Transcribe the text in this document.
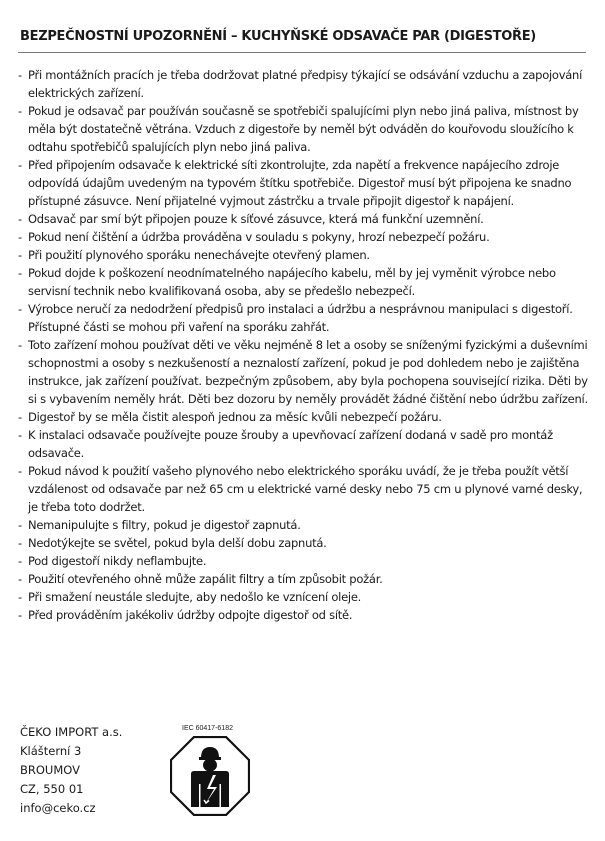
BEZPEČNOSTNÍ UPOZORNĚNÍ – KUCHYŇSKÉ ODSAVAČE PAR (DIGESTOŘE)
- Při montážních pracích je třeba dodržovat platné předpisy týkající se odsávání vzduchu a zapojování elektrických zařízení.
- Pokud je odsavač par používán současně se spotřebiči spalujícími plyn nebo jiná paliva, místnost by měla být dostatečně větrána. Vzduch z digestoře by neměl být odváděn do kouřovodu sloužícího k odtahu spotřebičů spalujících plyn nebo jiná paliva.
- Před připojením odsavače k elektrické síti zkontrolujte, zda napětí a frekvence napájecího zdroje odpovídá údajům uvedeným na typovém štítku spotřebiče. Digestoř musí být připojena ke snadno přístupné zásuvce. Není přijatelné vyjmout zástrčku a trvale připojit digestoř k napájení.
- Odsavač par smí být připojen pouze k síťové zásuvce, která má funkční uzemnění.
- Pokud není čištění a údržba prováděna v souladu s pokyny, hrozí nebezpečí požáru.
- Při použití plynového sporáku nenechávejte otevřený plamen.
- Pokud dojde k poškození neodnímatelného napájecího kabelu, měl by jej vyměnit výrobce nebo servisní technik nebo kvalifikovaná osoba, aby se předešlo nebezpečí.
- Výrobce neručí za nedodržení předpisů pro instalaci a údržbu a nesprávnou manipulaci s digestoří. Přístupné části se mohou při vaření na sporáku zahřát.
- Toto zařízení mohou používat děti ve věku nejméně 8 let a osoby se sníženými fyzickými a duševními schopnostmi a osoby s nezkušeností a neznalostí zařízení, pokud je pod dohledem nebo je zajištěna instrukce, jak zařízení používat. bezpečným způsobem, aby byla pochopena související rizika. Děti by si s vybavením neměly hrát. Děti bez dozoru by neměly provádět žádné čištění nebo údržbu zařízení.
- Digestoř by se měla čistit alespoň jednou za měsíc kvůli nebezpečí požáru.
- K instalaci odsavače používejte pouze šrouby a upevňovací zařízení dodaná v sadě pro montáž odsavače.
- Pokud návod k použití vašeho plynového nebo elektrického sporáku uvádí, že je třeba použít větší vzdálenost od odsavače par než 65 cm u elektrické varné desky nebo 75 cm u plynové varné desky, je třeba toto dodržet.
- Nemanipulujte s filtry, pokud je digestoř zapnutá.
- Nedotýkejte se světel, pokud byla delší dobu zapnutá.
- Pod digestoří nikdy neflambujte.
- Použití otevřeného ohně může zapálit filtry a tím způsobit požár.
- Při smažení neustále sledujte, aby nedošlo ke vznícení oleje.
- Před prováděním jakékoliv údržby odpojte digestoř od sítě.
ČEKO IMPORT a.s.
Klášterní 3
BROUMOV
CZ, 550 01
info@ceko.cz
IEC 60417-6182
